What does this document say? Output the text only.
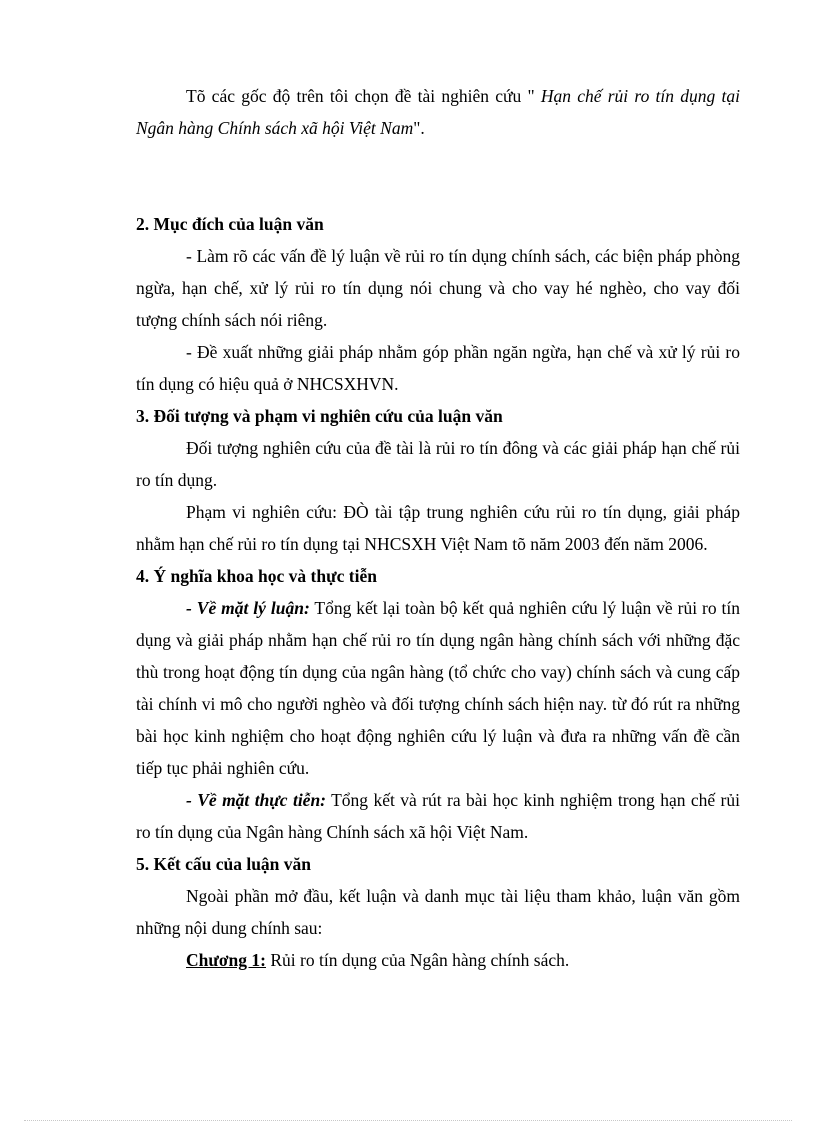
Tõ các gốc độ trên tôi chọn đề tài nghiên cứu " Hạn chế rủi ro tín dụng tại Ngân hàng Chính sách xã hội Việt Nam".

2. Mục đích của luận văn

- Làm rõ các vấn đề lý luận về rủi ro tín dụng chính sách, các biện pháp phòng ngừa, hạn chế, xử lý rủi ro tín dụng nói chung và cho vay hé nghèo, cho vay đối tượng chính sách nói riêng.

- Đề xuất những giải pháp nhằm góp phần ngăn ngừa, hạn chế và xử lý rủi ro tín dụng có hiệu quả ở NHCSXHVN.

3. Đối tượng và phạm vi nghiên cứu của luận văn

Đối tượng nghiên cứu của đề tài là rủi ro tín đông và các giải pháp hạn chế rủi ro tín dụng.

Phạm vi nghiên cứu: ĐÒ tài tập trung nghiên cứu rủi ro tín dụng, giải pháp nhằm hạn chế rủi ro tín dụng tại NHCSXH Việt Nam tõ năm 2003 đến năm 2006.

4. Ý nghĩa khoa học và thực tiễn

- Về mặt lý luận: Tổng kết lại toàn bộ kết quả nghiên cứu lý luận về rủi ro tín dụng và giải pháp nhằm hạn chế rủi ro tín dụng ngân hàng chính sách với những đặc thù trong hoạt động tín dụng của ngân hàng (tổ chức cho vay) chính sách và cung cấp tài chính vi mô cho người nghèo và đối tượng chính sách hiện nay. từ đó rút ra những bài học kinh nghiệm cho hoạt động nghiên cứu lý luận và đưa ra những vấn đề cần tiếp tục phải nghiên cứu.

- Về mặt thực tiễn: Tổng kết và rút ra bài học kinh nghiệm trong hạn chế rủi ro tín dụng của Ngân hàng Chính sách xã hội Việt Nam.

5. Kết cấu của luận văn

Ngoài phần mở đầu, kết luận và danh mục tài liệu tham khảo, luận văn gồm những nội dung chính sau:

Chương 1: Rủi ro tín dụng của Ngân hàng chính sách.
